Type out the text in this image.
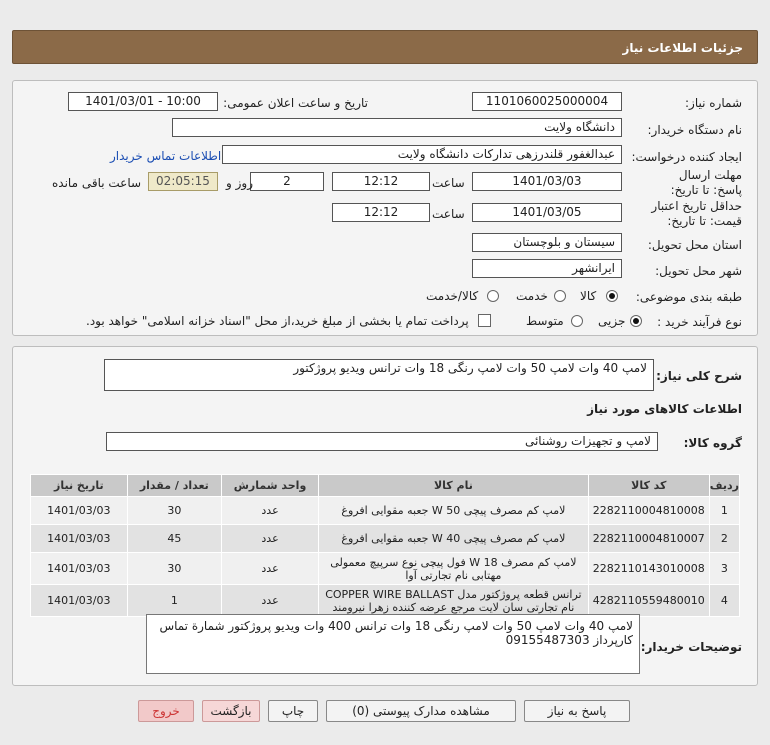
جزئیات اطلاعات نیاز
شماره نیاز:
1101060025000004
تاریخ و ساعت اعلان عمومی:
1401/03/01 - 10:00
نام دستگاه خریدار:
دانشگاه ولایت
ایجاد کننده درخواست:
عبدالغفور قلندرزهی تداركات دانشگاه ولایت
اطلاعات تماس خریدار
مهلت ارسال پاسخ: تا تاریخ:
1401/03/03
ساعت
12:12
2
روز و
02:05:15
ساعت باقی مانده
حداقل تاریخ اعتبار
قیمت: تا تاریخ:
1401/03/05
ساعت
12:12
استان محل تحویل:
سیستان و بلوچستان
شهر محل تحویل:
ایرانشهر
طبقه بندی موضوعی:
کالا
خدمت
کالا/خدمت
نوع فرآیند خرید :
جزیی
متوسط
پرداخت تمام یا بخشی از مبلغ خرید،از محل "اسناد خزانه اسلامی" خواهد بود.
شرح کلی نیاز:
لامپ 40 وات لامپ 50 وات لامپ رنگی 18 وات ترانس ویدیو پروژکتور
اطلاعات کالاهای مورد نیاز
گروه کالا:
لامپ و تجهیزات روشنائی
ردیف	کد کالا	نام کالا	واحد شمارش	تعداد / مقدار	تاریخ نیاز
1	2282110004810008	لامپ کم مصرف پیچی W 50 جعبه مقوایی افروغ	عدد	30	1401/03/03
2	2282110004810007	لامپ کم مصرف پیچی W 40 جعبه مقوایی افروغ	عدد	45	1401/03/03
3	2282110143010008	لامپ کم مصرف W 18 فول پیچی نوع سرپیچ معمولی مهتابی نام تجارتی آوا	عدد	30	1401/03/03
4	4282110559480010	ترانس قطعه پروژکتور مدل COPPER WIRE BALLAST نام تجارتی سان لایت مرجع عرضه کننده زهرا نیرومند	عدد	1	1401/03/03
توضیحات خریدار:
لامپ 40 وات لامپ 50 وات لامپ رنگی 18 وات ترانس 400 وات ویدیو پروژکتور شمارة تماس کارپرداز 09155487303
پاسخ به نیاز
مشاهده مدارک پیوستی (0)
چاپ
بازگشت
خروج
